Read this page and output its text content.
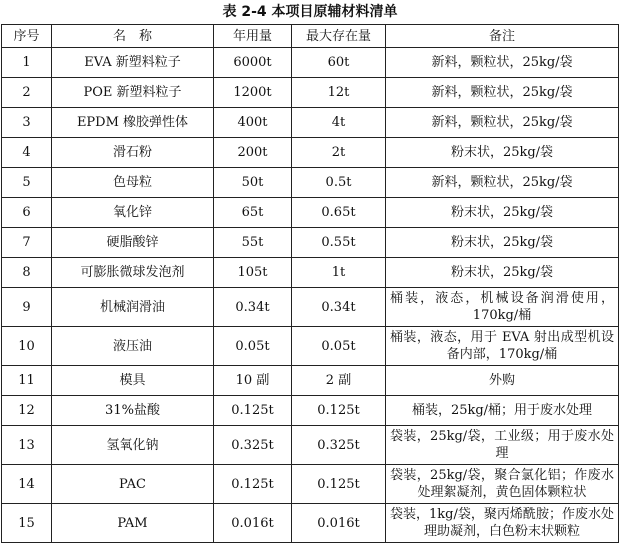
表 2-4 本项目原辅材料清单
序号	名　称	年用量	最大存在量	备注
1	EVA 新塑料粒子	6000t	60t	新料，颗粒状，25kg/袋
2	POE 新塑料粒子	1200t	12t	新料，颗粒状，25kg/袋
3	EPDM 橡胶弹性体	400t	4t	新料，颗粒状，25kg/袋
4	滑石粉	200t	2t	粉末状，25kg/袋
5	色母粒	50t	0.5t	新料，颗粒状，25kg/袋
6	氧化锌	65t	0.65t	粉末状，25kg/袋
7	硬脂酸锌	55t	0.55t	粉末状，25kg/袋
8	可膨胀微球发泡剂	105t	1t	粉末状，25kg/袋
9	机械润滑油	0.34t	0.34t	桶装，液态，机械设备润滑使用，170kg/桶
10	液压油	0.05t	0.05t	桶装，液态，用于 EVA 射出成型机设备内部，170kg/桶
11	模具	10 副	2 副	外购
12	31%盐酸	0.125t	0.125t	桶装，25kg/桶；用于废水处理
13	氢氧化钠	0.325t	0.325t	袋装，25kg/袋，工业级；用于废水处理
14	PAC	0.125t	0.125t	袋装，25kg/袋，聚合氯化铝；作废水处理絮凝剂，黄色固体颗粒状
15	PAM	0.016t	0.016t	袋装，1kg/袋，聚丙烯酰胺；作废水处理助凝剂，白色粉末状颗粒
